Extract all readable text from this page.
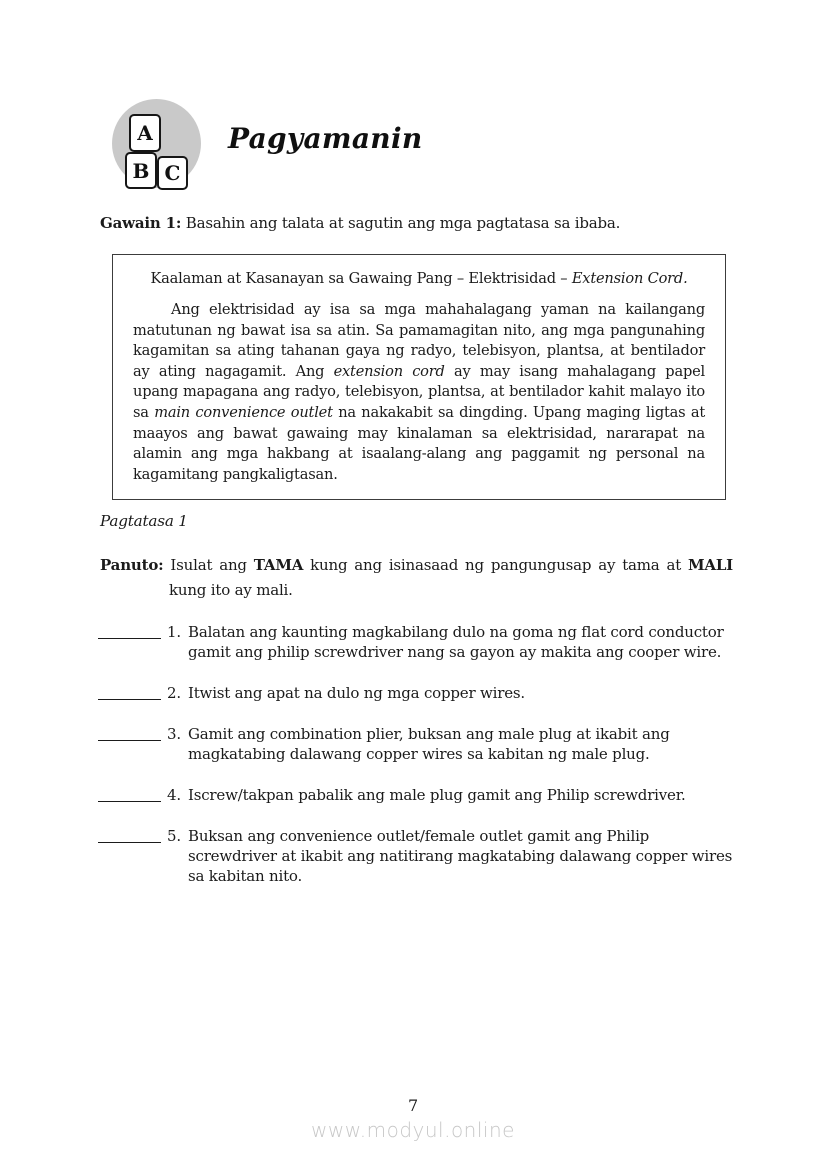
A
B C
Pagyamanin

Gawain 1: Basahin ang talata at sagutin ang mga pagtatasa sa ibaba.

Kaalaman at Kasanayan sa Gawaing Pang – Elektrisidad – Extension Cord.

Ang elektrisidad ay isa sa mga mahahalagang yaman na kailangang matutunan ng bawat isa sa atin. Sa pamamagitan nito, ang mga pangunahing kagamitan sa ating tahanan gaya ng radyo, telebisyon, plantsa, at bentilador ay ating nagagamit. Ang extension cord ay may isang mahalagang papel upang mapagana ang radyo, telebisyon, plantsa, at bentilador kahit malayo ito sa main convenience outlet na nakakabit sa dingding. Upang maging ligtas at maayos ang bawat gawaing may kinalaman sa elektrisidad, nararapat na alamin ang mga hakbang at isaalang-alang ang paggamit ng personal na kagamitang pangkaligtasan.

Pagtatasa 1

Panuto: Isulat ang TAMA kung ang isinasaad ng pangungusap ay tama at MALI kung ito ay mali.

1. Balatan ang kaunting magkabilang dulo na goma ng flat cord conductor gamit ang philip screwdriver nang sa gayon ay makita ang cooper wire.
2. Itwist ang apat na dulo ng mga copper wires.
3. Gamit ang combination plier, buksan ang male plug at ikabit ang magkatabing dalawang copper wires sa kabitan ng male plug.
4. Iscrew/takpan pabalik ang male plug gamit ang Philip screwdriver.
5. Buksan ang convenience outlet/female outlet gamit ang Philip screwdriver at ikabit ang natitirang magkatabing dalawang copper wires sa kabitan nito.

7

www.modyul.online
